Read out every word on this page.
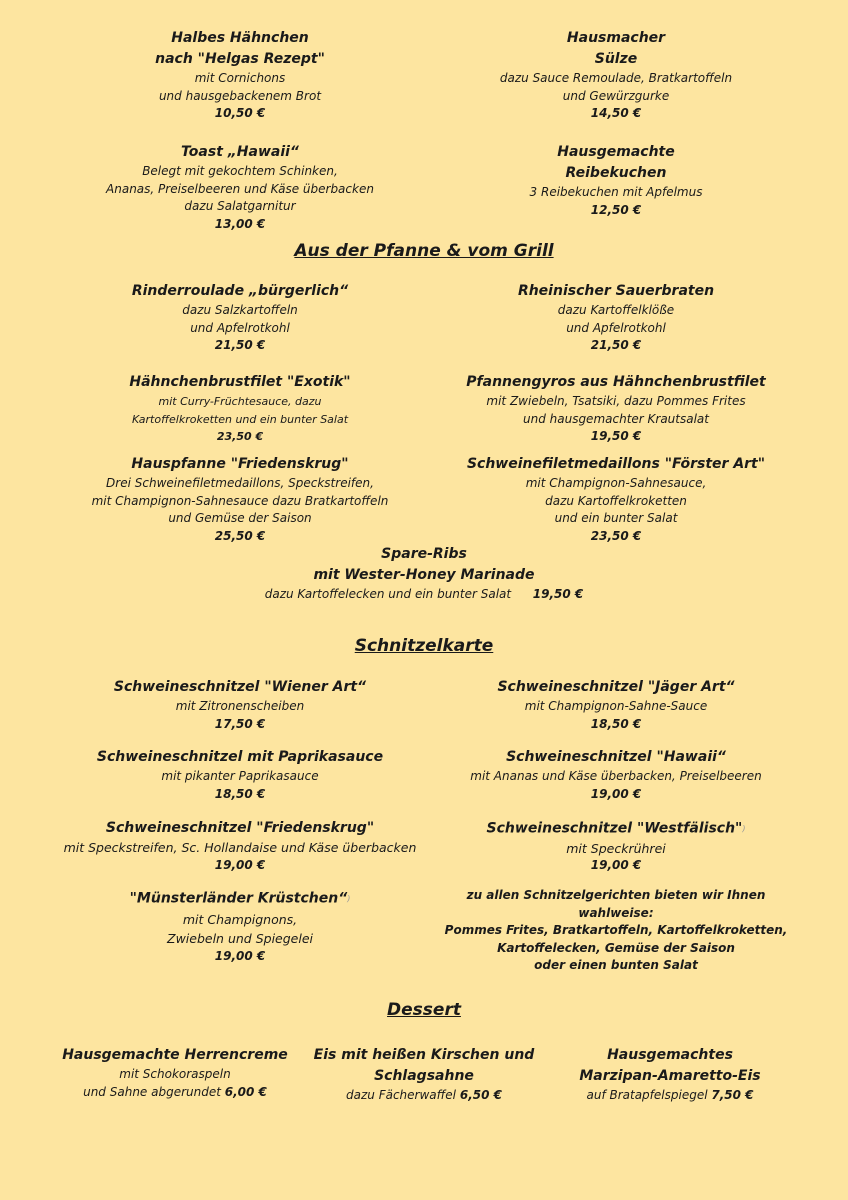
Halbes Hähnchen
nach "Helgas Rezept"
mit Cornichons
und hausgebackenem Brot
10,50 €
Hausmacher
Sülze
dazu Sauce Remoulade, Bratkartoffeln
und Gewürzgurke
14,50 €
Toast „Hawaii“
Belegt mit gekochtem Schinken,
Ananas, Preiselbeeren und Käse überbacken
dazu Salatgarnitur
13,00 €
Hausgemachte
Reibekuchen
3 Reibekuchen mit Apfelmus
12,50 €
Aus der Pfanne & vom Grill
Rinderroulade „bürgerlich“
dazu Salzkartoffeln
und Apfelrotkohl
21,50 €
Rheinischer Sauerbraten
dazu Kartoffelklöße
und Apfelrotkohl
21,50 €
Hähnchenbrustfilet "Exotik"
mit Curry-Früchtesauce, dazu
Kartoffelkroketten und ein bunter Salat
23,50 €
Pfannengyros aus Hähnchenbrustfilet
mit Zwiebeln, Tsatsiki, dazu Pommes Frites
und hausgemachter Krautsalat
19,50 €
Hauspfanne "Friedenskrug"
Drei Schweinefiletmedaillons, Speckstreifen,
mit Champignon-Sahnesauce dazu Bratkartoffeln
und Gemüse der Saison
25,50 €
Schweinefiletmedaillons "Förster Art"
mit Champignon-Sahnesauce,
dazu Kartoffelkroketten
und ein bunter Salat
23,50 €
Spare-Ribs
mit Wester-Honey Marinade
dazu Kartoffelecken und ein bunter Salat 19,50 €
Schnitzelkarte
Schweineschnitzel "Wiener Art“
mit Zitronenscheiben
17,50 €
Schweineschnitzel "Jäger Art“
mit Champignon-Sahne-Sauce
18,50 €
Schweineschnitzel mit Paprikasauce
mit pikanter Paprikasauce
18,50 €
Schweineschnitzel "Hawaii“
mit Ananas und Käse überbacken, Preiselbeeren
19,00 €
Schweineschnitzel "Friedenskrug"
mit Speckstreifen, Sc. Hollandaise und Käse überbacken
19,00 €
Schweineschnitzel "Westfälisch")
mit Speckrührei
19,00 €
"Münsterländer Krüstchen“)
mit Champignons,
Zwiebeln und Spiegelei
19,00 €
zu allen Schnitzelgerichten bieten wir Ihnen wahlweise:
Pommes Frites, Bratkartoffeln, Kartoffelkroketten,
Kartoffelecken, Gemüse der Saison
oder einen bunten Salat
Dessert
Hausgemachte Herrencreme
mit Schokoraspeln
und Sahne abgerundet 6,00 €
Eis mit heißen Kirschen und
Schlagsahne
dazu Fächerwaffel 6,50 €
Hausgemachtes
Marzipan-Amaretto-Eis
auf Bratapfelspiegel 7,50 €
